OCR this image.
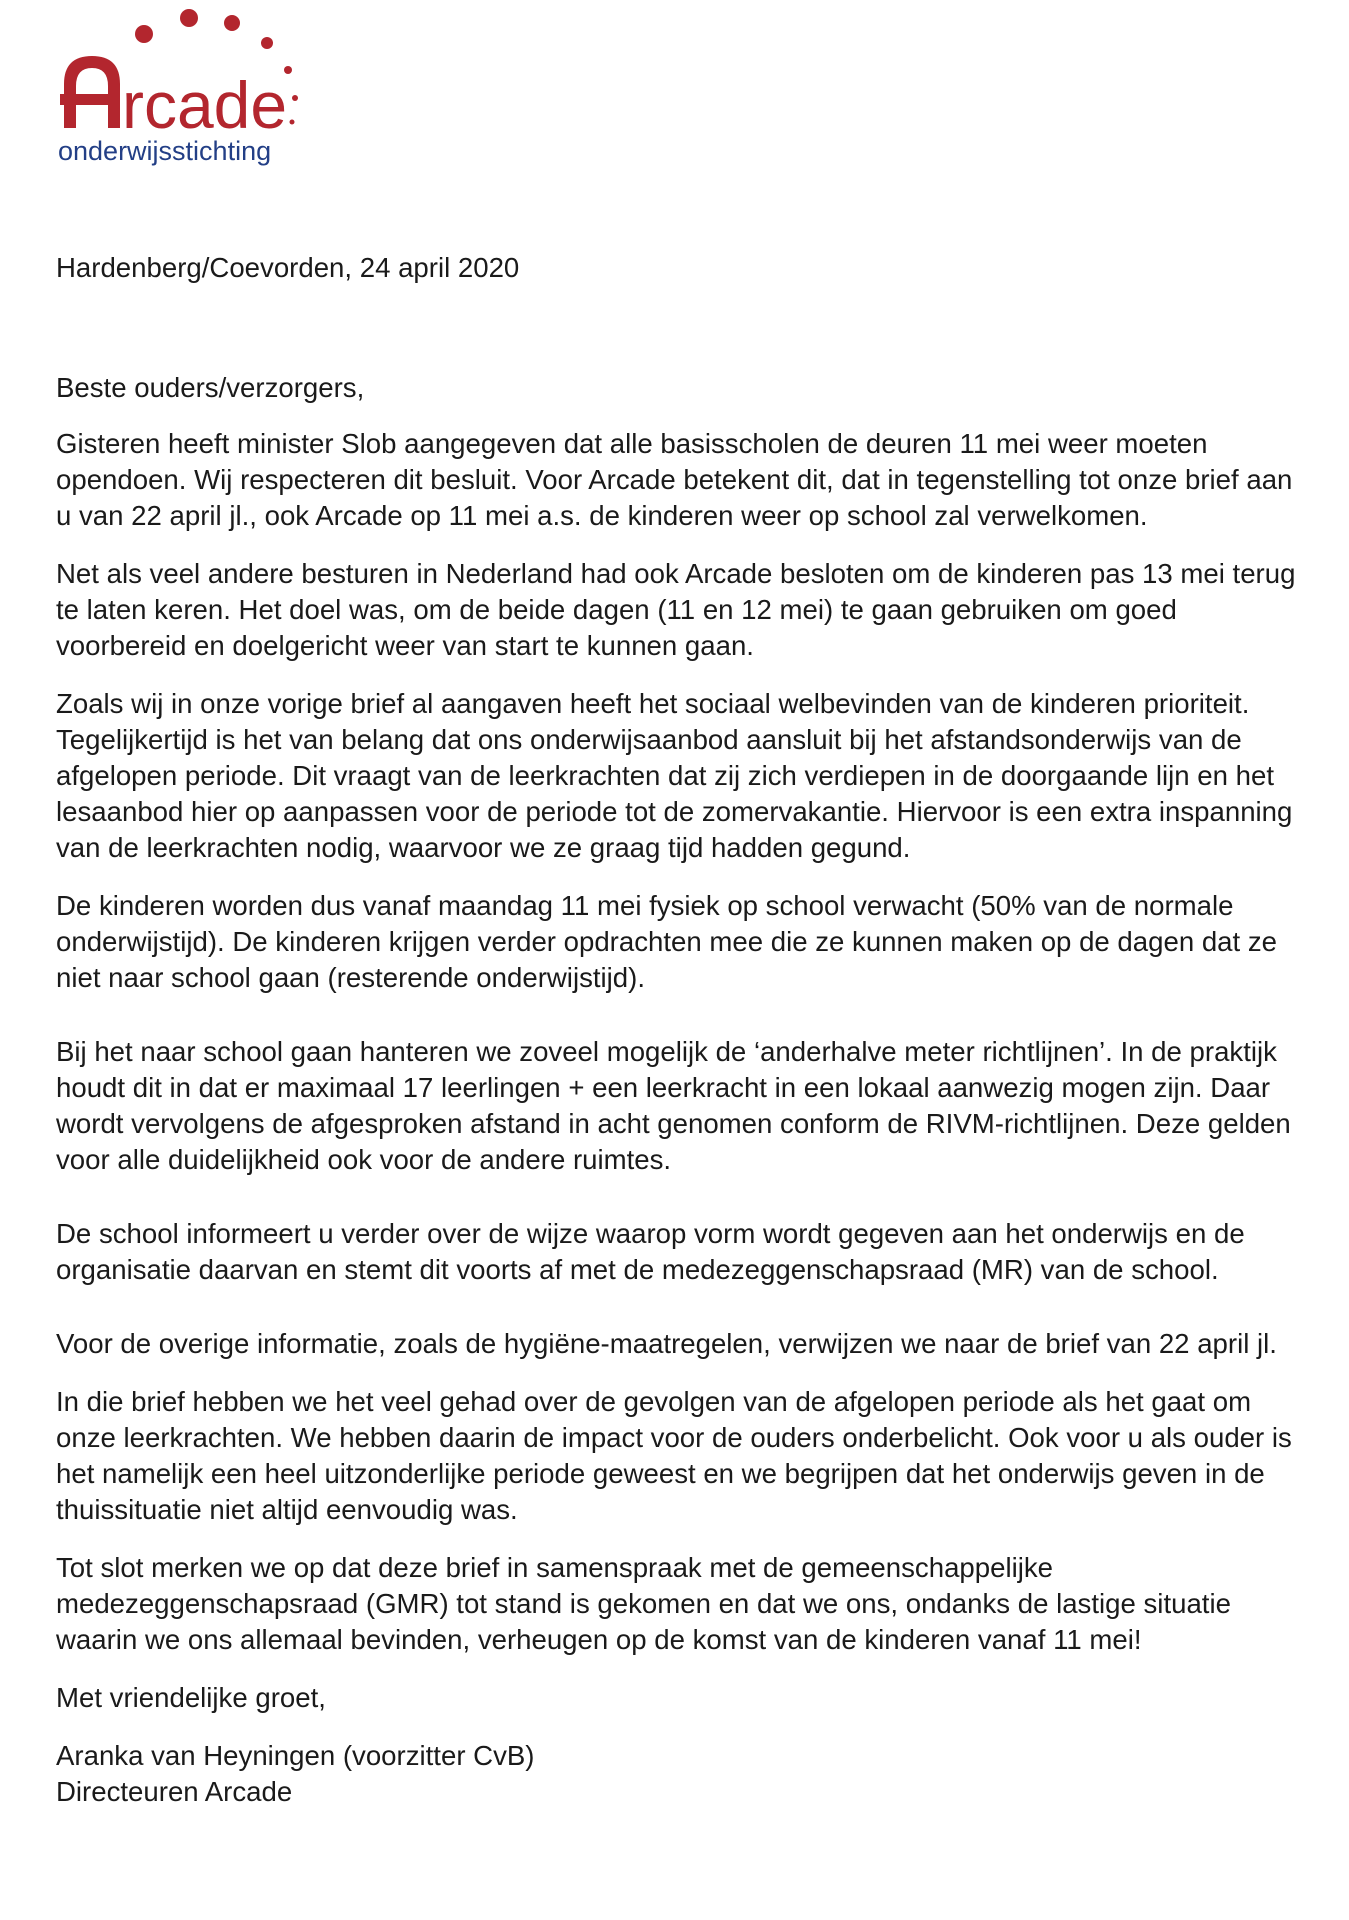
rcade
onderwijsstichting

Hardenberg/Coevorden, 24 april 2020

Beste ouders/verzorgers,

Gisteren heeft minister Slob aangegeven dat alle basisscholen de deuren 11 mei weer moeten opendoen. Wij respecteren dit besluit. Voor Arcade betekent dit, dat in tegenstelling tot onze brief aan u van 22 april jl., ook Arcade op 11 mei a.s. de kinderen weer op school zal verwelkomen.

Net als veel andere besturen in Nederland had ook Arcade besloten om de kinderen pas 13 mei terug te laten keren. Het doel was, om de beide dagen (11 en 12 mei) te gaan gebruiken om goed voorbereid en doelgericht weer van start te kunnen gaan.

Zoals wij in onze vorige brief al aangaven heeft het sociaal welbevinden van de kinderen prioriteit. Tegelijkertijd is het van belang dat ons onderwijsaanbod aansluit bij het afstandsonderwijs van de afgelopen periode. Dit vraagt van de leerkrachten dat zij zich verdiepen in de doorgaande lijn en het lesaanbod hier op aanpassen voor de periode tot de zomervakantie. Hiervoor is een extra inspanning van de leerkrachten nodig, waarvoor we ze graag tijd hadden gegund.

De kinderen worden dus vanaf maandag 11 mei fysiek op school verwacht (50% van de normale onderwijstijd). De kinderen krijgen verder opdrachten mee die ze kunnen maken op de dagen dat ze niet naar school gaan (resterende onderwijstijd).

Bij het naar school gaan hanteren we zoveel mogelijk de ‘anderhalve meter richtlijnen’. In de praktijk houdt dit in dat er maximaal 17 leerlingen + een leerkracht in een lokaal aanwezig mogen zijn. Daar wordt vervolgens de afgesproken afstand in acht genomen conform de RIVM-richtlijnen. Deze gelden voor alle duidelijkheid ook voor de andere ruimtes.

De school informeert u verder over de wijze waarop vorm wordt gegeven aan het onderwijs en de organisatie daarvan en stemt dit voorts af met de medezeggenschapsraad (MR) van de school.

Voor de overige informatie, zoals de hygiëne-maatregelen, verwijzen we naar de brief van 22 april jl.

In die brief hebben we het veel gehad over de gevolgen van de afgelopen periode als het gaat om onze leerkrachten. We hebben daarin de impact voor de ouders onderbelicht. Ook voor u als ouder is het namelijk een heel uitzonderlijke periode geweest en we begrijpen dat het onderwijs geven in de thuissituatie niet altijd eenvoudig was.

Tot slot merken we op dat deze brief in samenspraak met de gemeenschappelijke medezeggenschapsraad (GMR) tot stand is gekomen en dat we ons, ondanks de lastige situatie waarin we ons allemaal bevinden, verheugen op de komst van de kinderen vanaf 11 mei!

Met vriendelijke groet,

Aranka van Heyningen (voorzitter CvB)

Directeuren Arcade
